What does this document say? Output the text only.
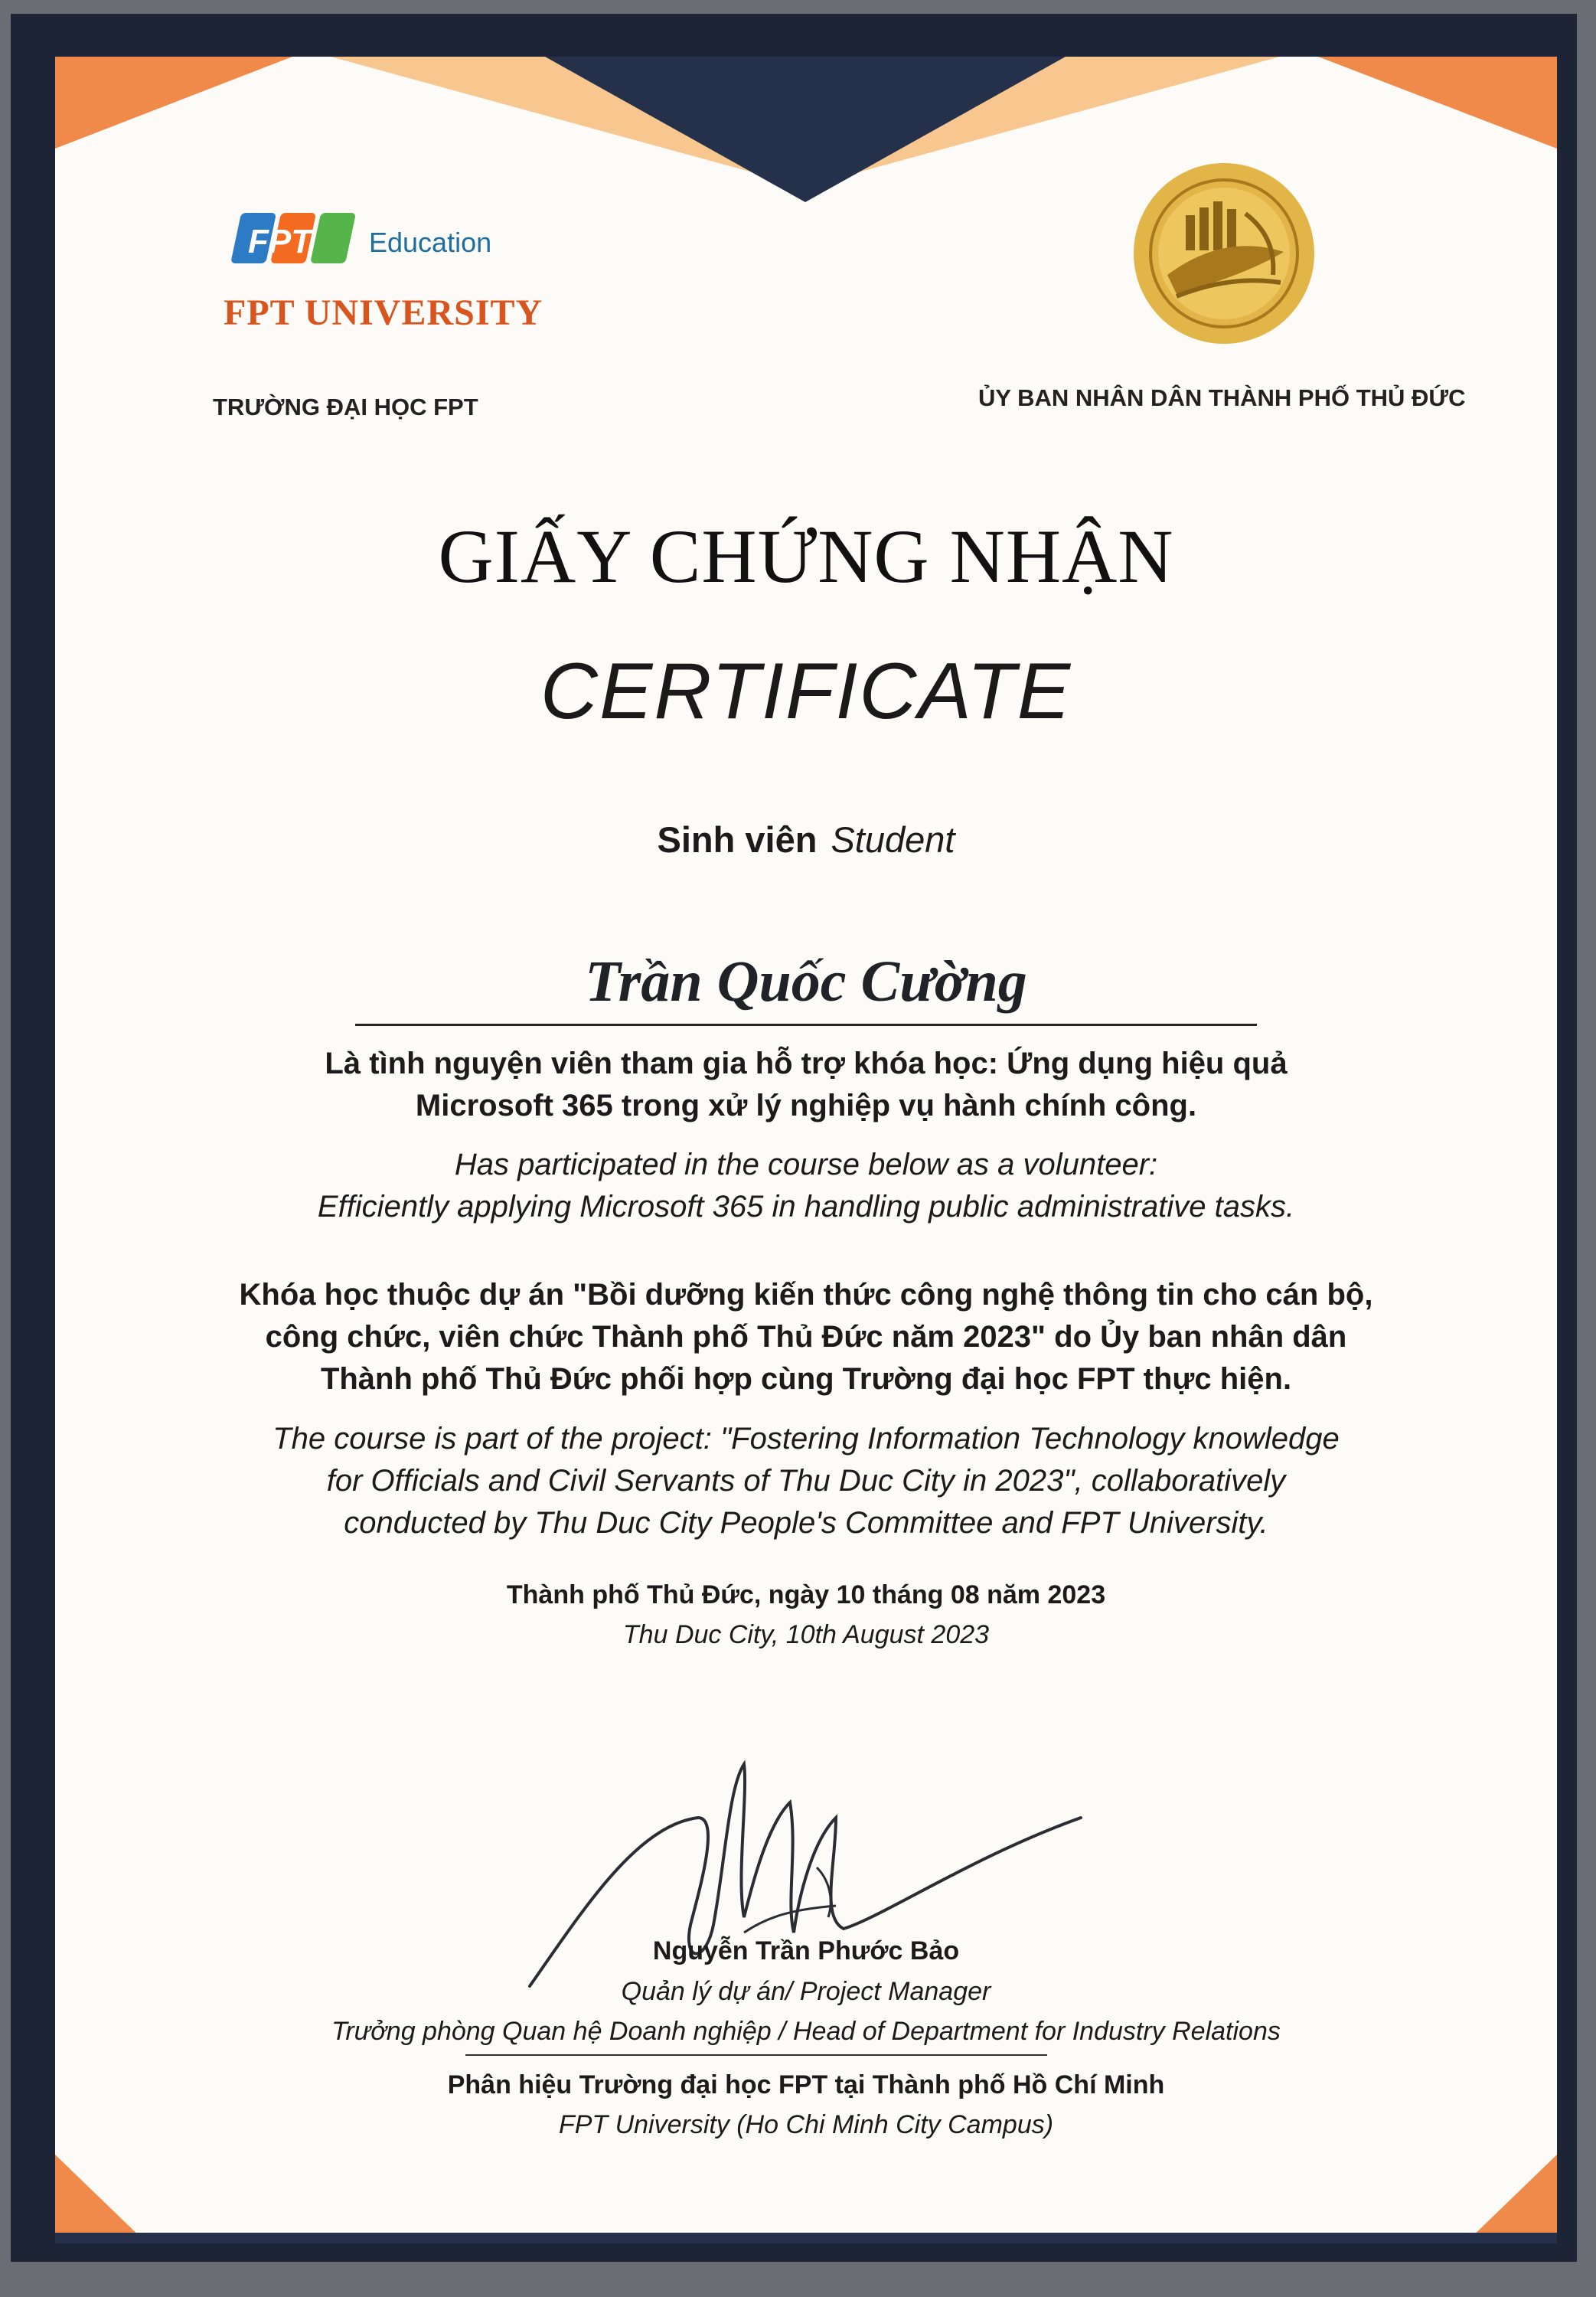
FPT Education
FPT UNIVERSITY
TRƯỜNG ĐẠI HỌC FPT	ỦY BAN NHÂN DÂN THÀNH PHỐ THỦ ĐỨC
GIẤY CHỨNG NHẬN
CERTIFICATE
Sinh viên Student
Trần Quốc Cường
Là tình nguyện viên tham gia hỗ trợ khóa học: Ứng dụng hiệu quả
Microsoft 365 trong xử lý nghiệp vụ hành chính công.
Has participated in the course below as a volunteer:
Efficiently applying Microsoft 365 in handling public administrative tasks.
Khóa học thuộc dự án "Bồi dưỡng kiến thức công nghệ thông tin cho cán bộ,
công chức, viên chức Thành phố Thủ Đức năm 2023" do Ủy ban nhân dân
Thành phố Thủ Đức phối hợp cùng Trường đại học FPT thực hiện.
The course is part of the project: "Fostering Information Technology knowledge
for Officials and Civil Servants of Thu Duc City in 2023", collaboratively
conducted by Thu Duc City People's Committee and FPT University.
Thành phố Thủ Đức, ngày 10 tháng 08 năm 2023
Thu Duc City, 10th August 2023
Nguyễn Trần Phước Bảo
Quản lý dự án/ Project Manager
Trưởng phòng Quan hệ Doanh nghiệp / Head of Department for Industry Relations
Phân hiệu Trường đại học FPT tại Thành phố Hồ Chí Minh
FPT University (Ho Chi Minh City Campus)
